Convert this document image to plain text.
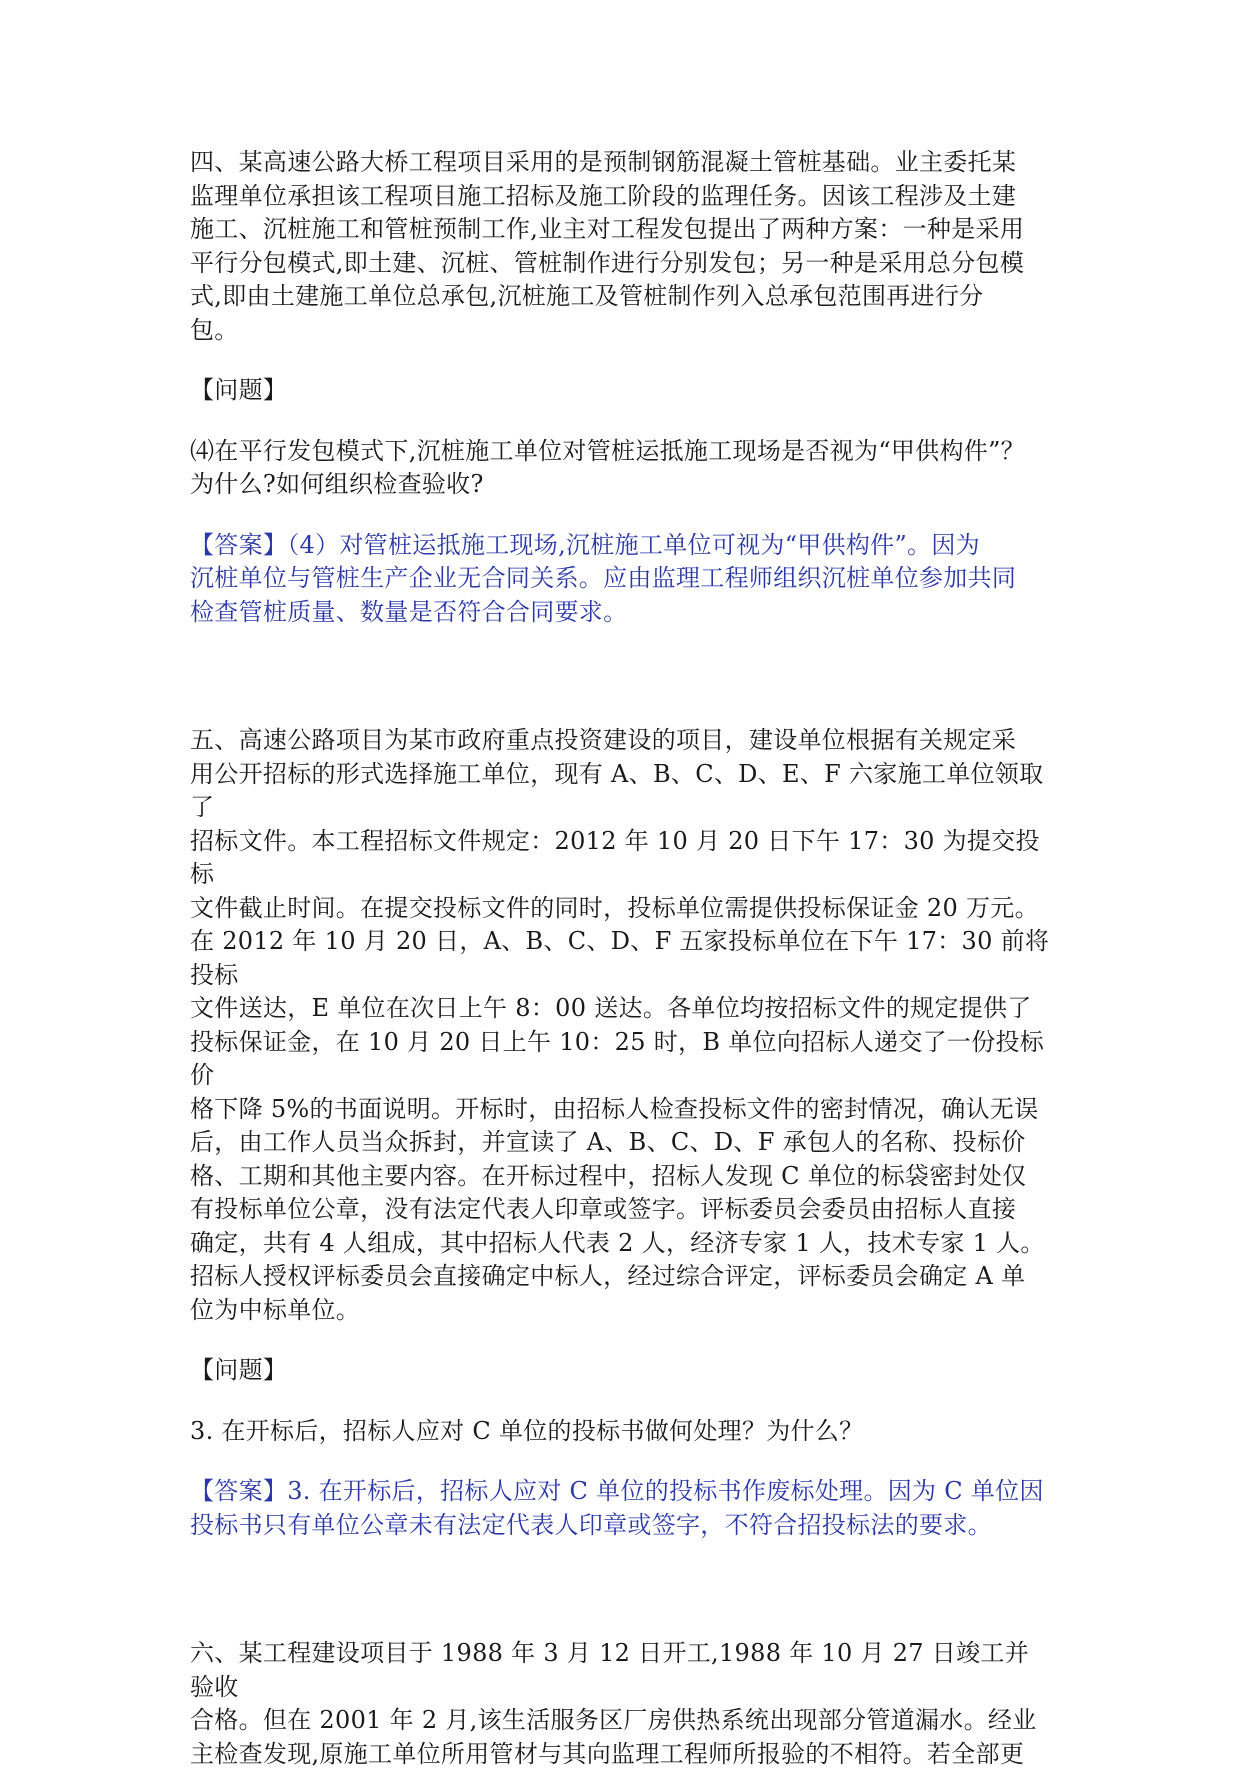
四、某高速公路大桥工程项目采用的是预制钢筋混凝土管桩基础。业主委托某

监理单位承担该工程项目施工招标及施工阶段的监理任务。因该工程涉及土建

施工、沉桩施工和管桩预制工作,业主对工程发包提出了两种方案：一种是采用

平行分包模式,即土建、沉桩、管桩制作进行分别发包；另一种是采用总分包模

式,即由土建施工单位总承包,沉桩施工及管桩制作列入总承包范围再进行分

包。

【问题】

⑷在平行发包模式下,沉桩施工单位对管桩运抵施工现场是否视为“甲供构件”？

为什么?如何组织检查验收?

【答案】（4）对管桩运抵施工现场,沉桩施工单位可视为“甲供构件”。因为

沉桩单位与管桩生产企业无合同关系。应由监理工程师组织沉桩单位参加共同

检查管桩质量、数量是否符合合同要求。

五、高速公路项目为某市政府重点投资建设的项目，建设单位根据有关规定采

用公开招标的形式选择施工单位，现有 A、B、C、D、E、F 六家施工单位领取了

招标文件。本工程招标文件规定：2012 年 10 月 20 日下午 17：30 为提交投标

文件截止时间。在提交投标文件的同时，投标单位需提供投标保证金 20 万元。

在 2012 年 10 月 20 日，A、B、C、D、F 五家投标单位在下午 17：30 前将投标

文件送达，E 单位在次日上午 8：00 送达。各单位均按招标文件的规定提供了

投标保证金，在 10 月 20 日上午 10：25 时，B 单位向招标人递交了一份投标价

格下降 5%的书面说明。开标时，由招标人检查投标文件的密封情况，确认无误

后，由工作人员当众拆封，并宣读了 A、B、C、D、F 承包人的名称、投标价

格、工期和其他主要内容。在开标过程中，招标人发现 C 单位的标袋密封处仅

有投标单位公章，没有法定代表人印章或签字。评标委员会委员由招标人直接

确定，共有 4 人组成，其中招标人代表 2 人，经济专家 1 人，技术专家 1 人。

招标人授权评标委员会直接确定中标人，经过综合评定，评标委员会确定 A 单

位为中标单位。

【问题】

3. 在开标后，招标人应对 C 单位的投标书做何处理？为什么？

【答案】3. 在开标后，招标人应对 C 单位的投标书作废标处理。因为 C 单位因

投标书只有单位公章未有法定代表人印章或签字，不符合招投标法的要求。

六、某工程建设项目于 1988 年 3 月 12 日开工,1988 年 10 月 27 日竣工并验收

合格。但在 2001 年 2 月,该生活服务区厂房供热系统出现部分管道漏水。经业

主检查发现,原施工单位所用管材与其向监理工程师所报验的不相符。若全部更
